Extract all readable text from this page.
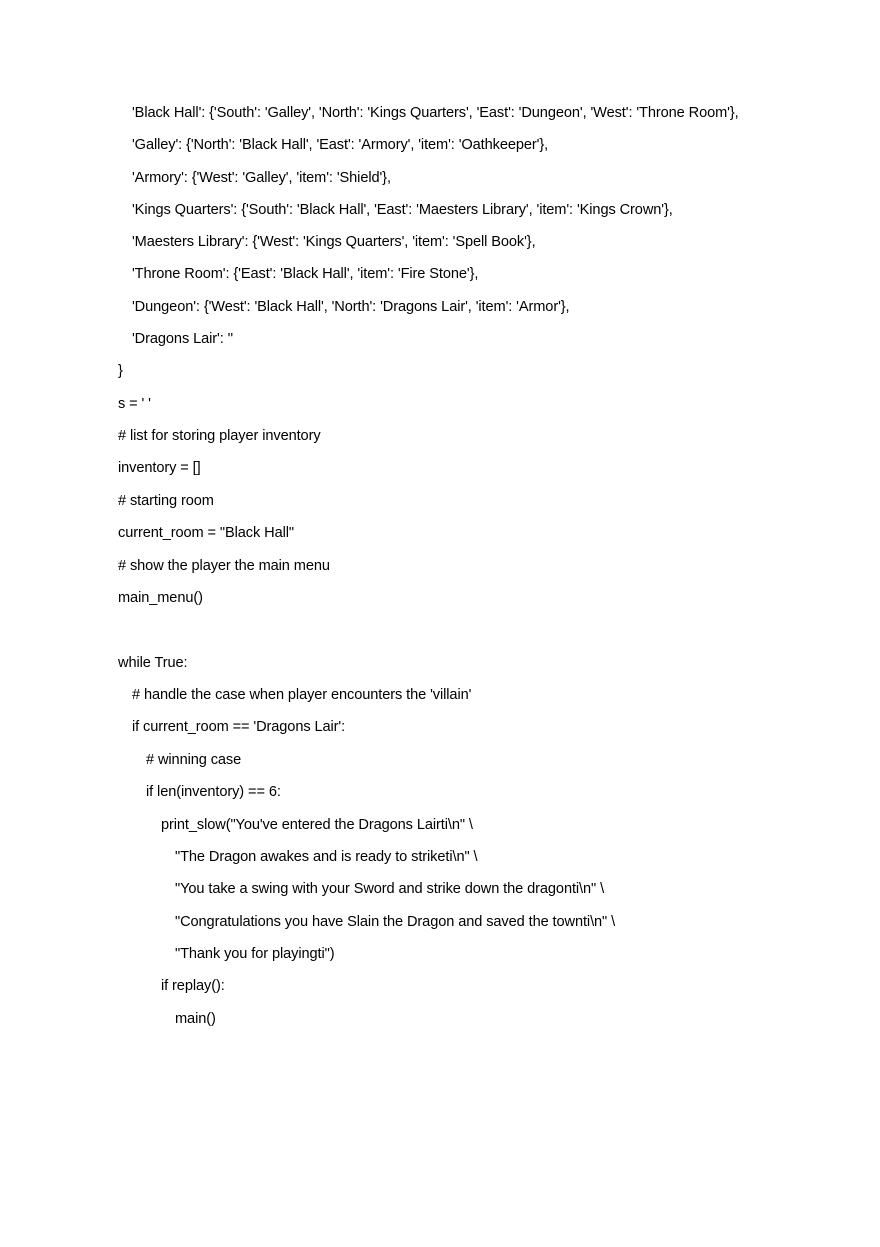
'Black Hall': {'South': 'Galley', 'North': 'Kings Quarters', 'East': 'Dungeon', 'West': 'Throne Room'},
'Galley': {'North': 'Black Hall', 'East': 'Armory', 'item': 'Oathkeeper'},
'Armory': {'West': 'Galley', 'item': 'Shield'},
'Kings Quarters': {'South': 'Black Hall', 'East': 'Maesters Library', 'item': 'Kings Crown'},
'Maesters Library': {'West': 'Kings Quarters', 'item': 'Spell Book'},
'Throne Room': {'East': 'Black Hall', 'item': 'Fire Stone'},
'Dungeon': {'West': 'Black Hall', 'North': 'Dragons Lair', 'item': 'Armor'},
'Dragons Lair': ''
}
s = ' '
# list for storing player inventory
inventory = []
# starting room
current_room = "Black Hall"
# show the player the main menu
main_menu()
while True:
# handle the case when player encounters the 'villain'
if current_room == 'Dragons Lair':
# winning case
if len(inventory) == 6:
print_slow("You've entered the Dragons Lairti\n" \
"The Dragon awakes and is ready to striketi\n" \
"You take a swing with your Sword and strike down the dragonti\n" \
"Congratulations you have Slain the Dragon and saved the townti\n" \
"Thank you for playingti")
if replay():
main()
